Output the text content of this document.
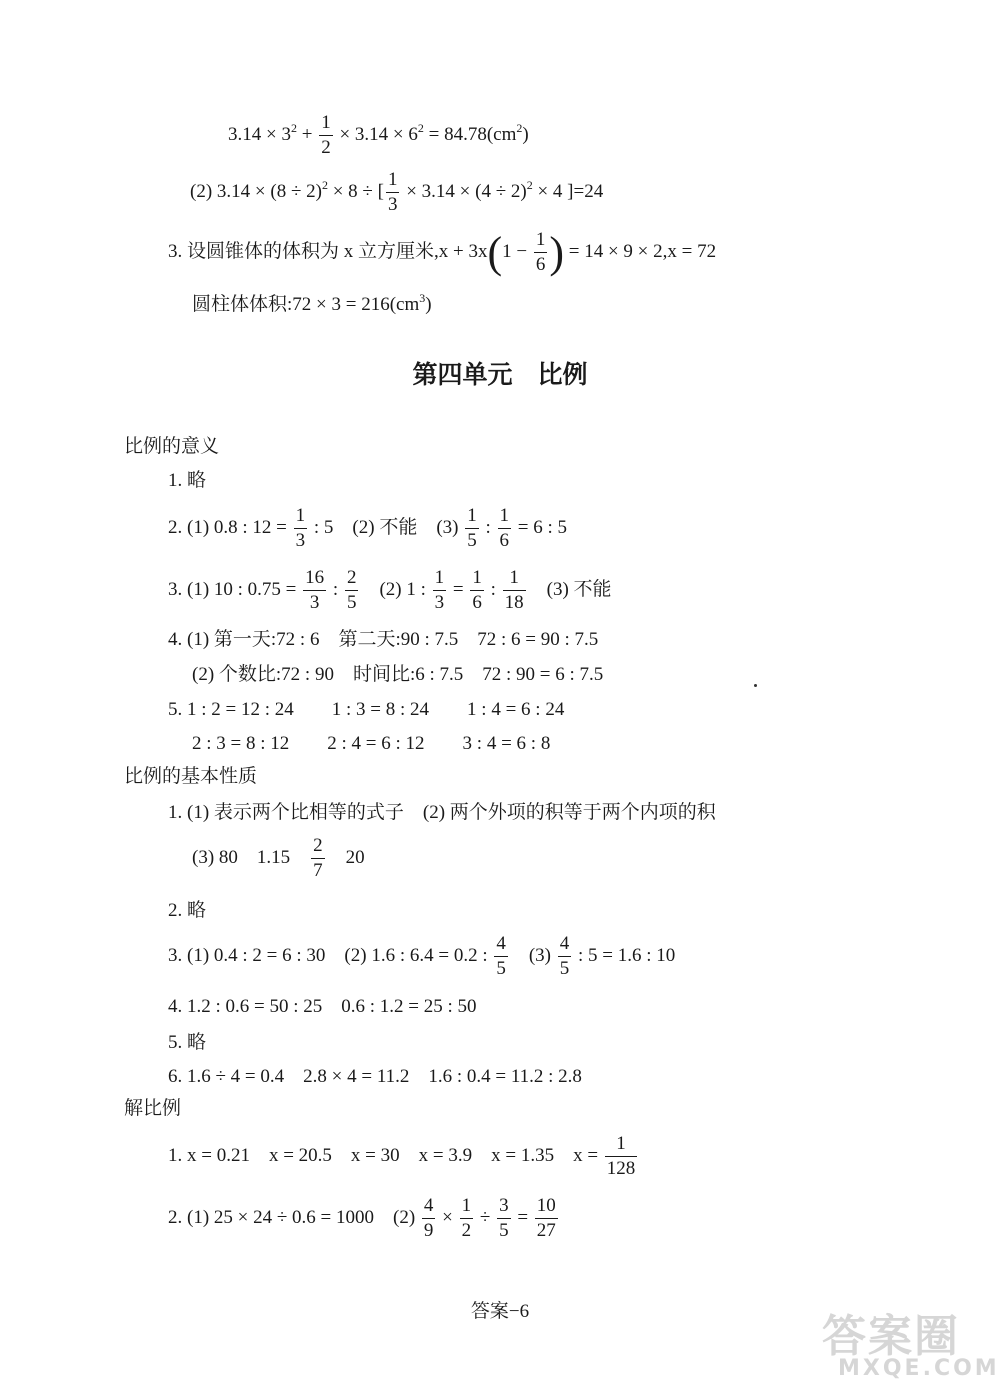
$3.14 \times 3^2 + \frac{1}{2} \times 3.14 \times 6^2 = 84.78(cm^2)$
(2) $3.14 \times (8 \div 2)^2 \times 8$ ÷ [ $\frac{1}{3} \times 3.14 \times (4 \div 2)^2 \times 4$ ]=24
3. 设圆锥体的体积为 x 立方厘米$,x + 3x(1 - \frac{1}{6}$ ) = 14 × 9 × 2,x = 72
圆柱体体积:72 × $3 = 216(cm^3)$
第四单元　比例
比例的意义
1. 略
2. (1) 0.8 : $12 = \frac{1}{3}$ : 5　(2) 不能　$(3) \frac{1}{5}$ : $\frac{1}{6} = 6$ : 5
3. (1) 10 : $0.75 = \frac{16}{3}$ : $\frac{2}{5}$ 　(2) 1 : $\frac{1}{3} = \frac{1}{6}$ : $\frac{1}{18}$ 　(3) 不能
4. (1) 第一天:72 : 6　第二天:90 : 7.5　72 : 6 = 90 : 7.5
(2) 个数比:72 : 90　时间比:6 : 7.5　72 : 90 = 6 : 7.5
5. 1 : 2 = 12 : 24　　1 : 3 = 8 : 24　　1 : 4 = 6 : 24
2 : 3 = 8 : 12　　2 : 4 = 6 : 12　　3 : 4 = 6 : 8
比例的基本性质
1. (1) 表示两个比相等的式子　(2) 两个外项的积等于两个内项的积
(3) 80　1.15　 $\frac{2}{7}$ 　20
2. 略
3. (1) 0.4 : 2 = 6 : 30　(2) 1.6 : 6.4 = 0.2 : $\frac{4}{5}$ 　$(3) \frac{4}{5}$ : 5 = 1.6 : 10
4. 1.2 : 0.6 = 50 : 25　0.6 : 1.2 = 25 : 50
5. 略
6. 1.6 ÷ 4 = 0.4　2.8 × 4 = 11.2　1.6 : 0.4 = 11.2 : 2.8
解比例
1. x = 0.21　x = 20.5　x = 30　x = 3.9　x = 1.35　$x = \frac{1}{128}$
2. (1) 25 × 24 ÷ 0.6 = 1000　$(2) \frac{4}{9} \times \frac{1}{2} \div \frac{3}{5} = \frac{10}{27}$
答案−6	答案圈
MXQE.COM
